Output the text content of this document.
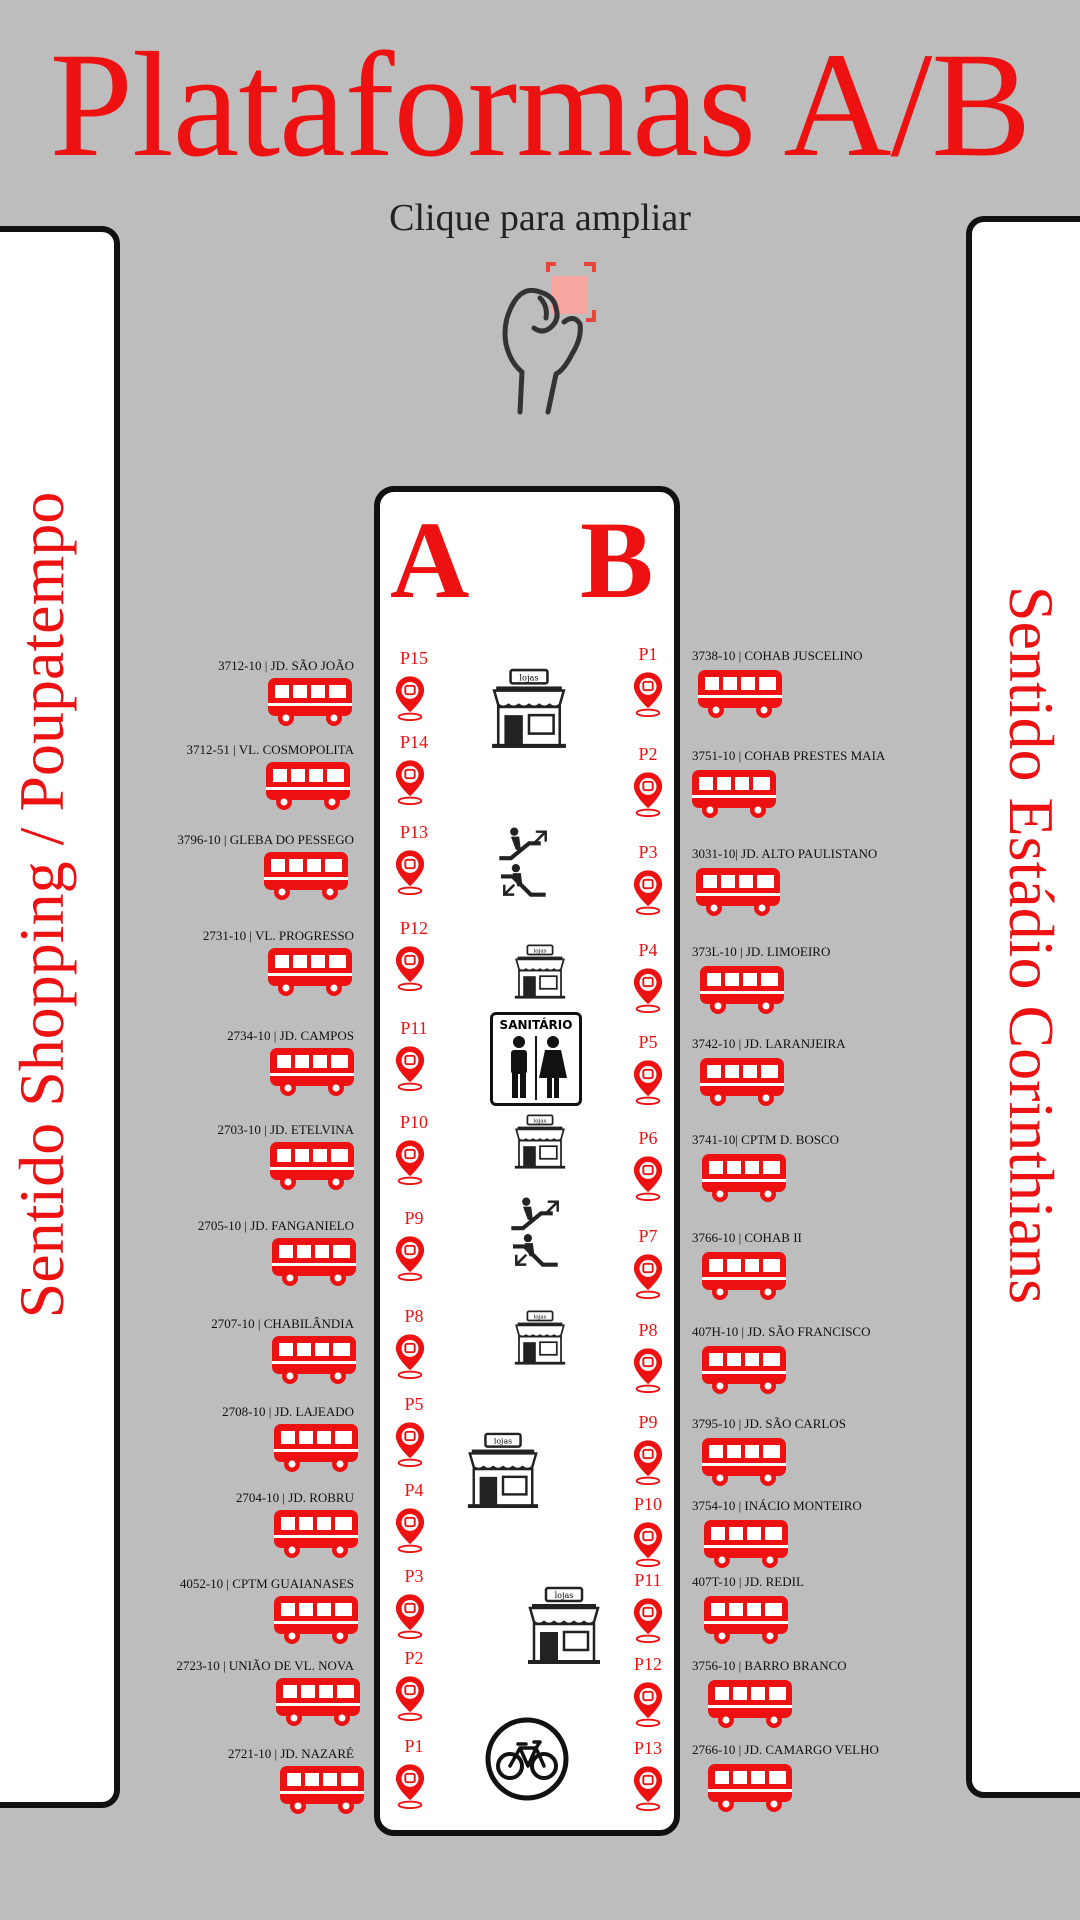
Plataformas A/B
Clique para ampliar
Sentido Shopping / Poupatempo	Sentido Estádio Corinthians
A B
3712-10 | JD. SÃO JOÃO	P15
3712-51 | VL. COSMOPOLITA	P14
3796-10 | GLEBA DO PESSEGO	P13
2731-10 | VL. PROGRESSO	P12
2734-10 | JD. CAMPOS	P11
2703-10 | JD. ETELVINA	P10
2705-10 | JD. FANGANIELO	P9
2707-10 | CHABILÂNDIA	P8
2708-10 | JD. LAJEADO	P5
2704-10 | JD. ROBRU	P4
4052-10 | CPTM GUAIANASES	P3
2723-10 | UNIÃO DE VL. NOVA	P2
2721-10 | JD. NAZARÉ	P1
P1	3738-10 | COHAB JUSCELINO
P2	3751-10 | COHAB PRESTES MAIA
P3	3031-10| JD. ALTO PAULISTANO
P4	373L-10 | JD. LIMOEIRO
P5	3742-10 | JD. LARANJEIRA
P6	3741-10| CPTM D. BOSCO
P7	3766-10 | COHAB II
P8	407H-10 | JD. SÃO FRANCISCO
P9	3795-10 | JD. SÃO CARLOS
P10	3754-10 | INÁCIO MONTEIRO
P11	407T-10 | JD. REDIL
P12	3756-10 | BARRO BRANCO
P13	2766-10 | JD. CAMARGO VELHO
lojas
lojas
SANITÁRIO
lojas
lojas
lojas
lojas
